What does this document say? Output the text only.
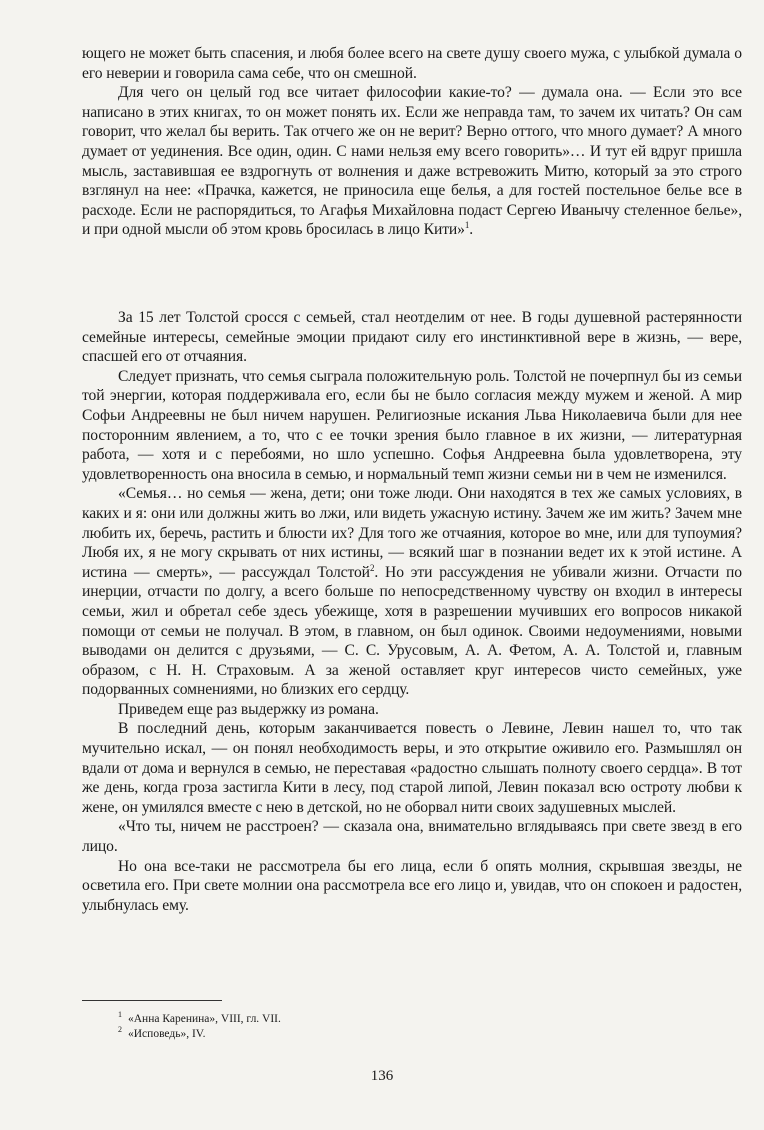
ющего не может быть спасения, и любя более всего на свете душу своего мужа, с улыбкой думала о его неверии и говорила сама себе, что он смешной.

Для чего он целый год все читает философии какие-то? — думала она. — Если это все написано в этих книгах, то он может понять их. Если же неправда там, то зачем их читать? Он сам говорит, что желал бы верить. Так отчего же он не верит? Верно оттого, что много думает? А много думает от уединения. Все один, один. С нами нельзя ему всего говорить»… И тут ей вдруг пришла мысль, заставившая ее вздрогнуть от волнения и даже встревожить Митю, который за это строго взглянул на нее: «Прачка, кажется, не приносила еще белья, а для гостей постельное белье все в расходе. Если не распорядиться, то Агафья Михайловна подаст Сергею Иванычу стеленное белье», и при одной мысли об этом кровь бросилась в лицо Кити»$^1$.

За 15 лет Толстой сросся с семьей, стал неотделим от нее. В годы душевной растерянности семейные интересы, семейные эмоции придают силу его инстинктивной вере в жизнь, — вере, спасшей его от отчаяния.

Следует признать, что семья сыграла положительную роль. Толстой не почерпнул бы из семьи той энергии, которая поддерживала его, если бы не было согласия между мужем и женой. А мир Софьи Андреевны не был ничем нарушен. Религиозные искания Льва Николаевича были для нее посторонним явлением, а то, что с ее точки зрения было главное в их жизни, — литературная работа, — хотя и с перебоями, но шло успешно. Софья Андреевна была удовлетворена, эту удовлетворенность она вносила в семью, и нормальный темп жизни семьи ни в чем не изменился.

«Семья… но семья — жена, дети; они тоже люди. Они находятся в тех же самых условиях, в каких и я: они или должны жить во лжи, или видеть ужасную истину. Зачем же им жить? Зачем мне любить их, беречь, растить и блюсти их? Для того же отчаяния, которое во мне, или для тупоумия? Любя их, я не могу скрывать от них истины, — всякий шаг в познании ведет их к этой истине. А истина — смерть», — рассуждал Толстой$^2$. Но эти рассуждения не убивали жизни. Отчасти по инерции, отчасти по долгу, а всего больше по непосредственному чувству он входил в интересы семьи, жил и обретал себе здесь убежище, хотя в разрешении мучивших его вопросов никакой помощи от семьи не получал. В этом, в главном, он был одинок. Своими недоумениями, новыми выводами он делится с друзьями, — С. С. Урусовым, А. А. Фетом, А. А. Толстой и, главным образом, с Н. Н. Страховым. А за женой оставляет круг интересов чисто семейных, уже подорванных сомнениями, но близких его сердцу.

Приведем еще раз выдержку из романа.

В последний день, которым заканчивается повесть о Левине, Левин нашел то, что так мучительно искал, — он понял необходимость веры, и это открытие оживило его. Размышлял он вдали от дома и вернулся в семью, не переставая «радостно слышать полноту своего сердца». В тот же день, когда гроза застигла Кити в лесу, под старой липой, Левин показал всю остроту любви к жене, он умилялся вместе с нею в детской, но не оборвал нити своих задушевных мыслей.

«Что ты, ничем не расстроен? — сказала она, внимательно вглядываясь при свете звезд в его лицо.

Но она все-таки не рассмотрела бы его лица, если б опять молния, скрывшая звезды, не осветила его. При свете молнии она рассмотрела все его лицо и, увидав, что он спокоен и радостен, улыбнулась ему.

$^1$ «Анна Каренина», VIII, гл. VII.
$^2$ «Исповедь», IV.
136
